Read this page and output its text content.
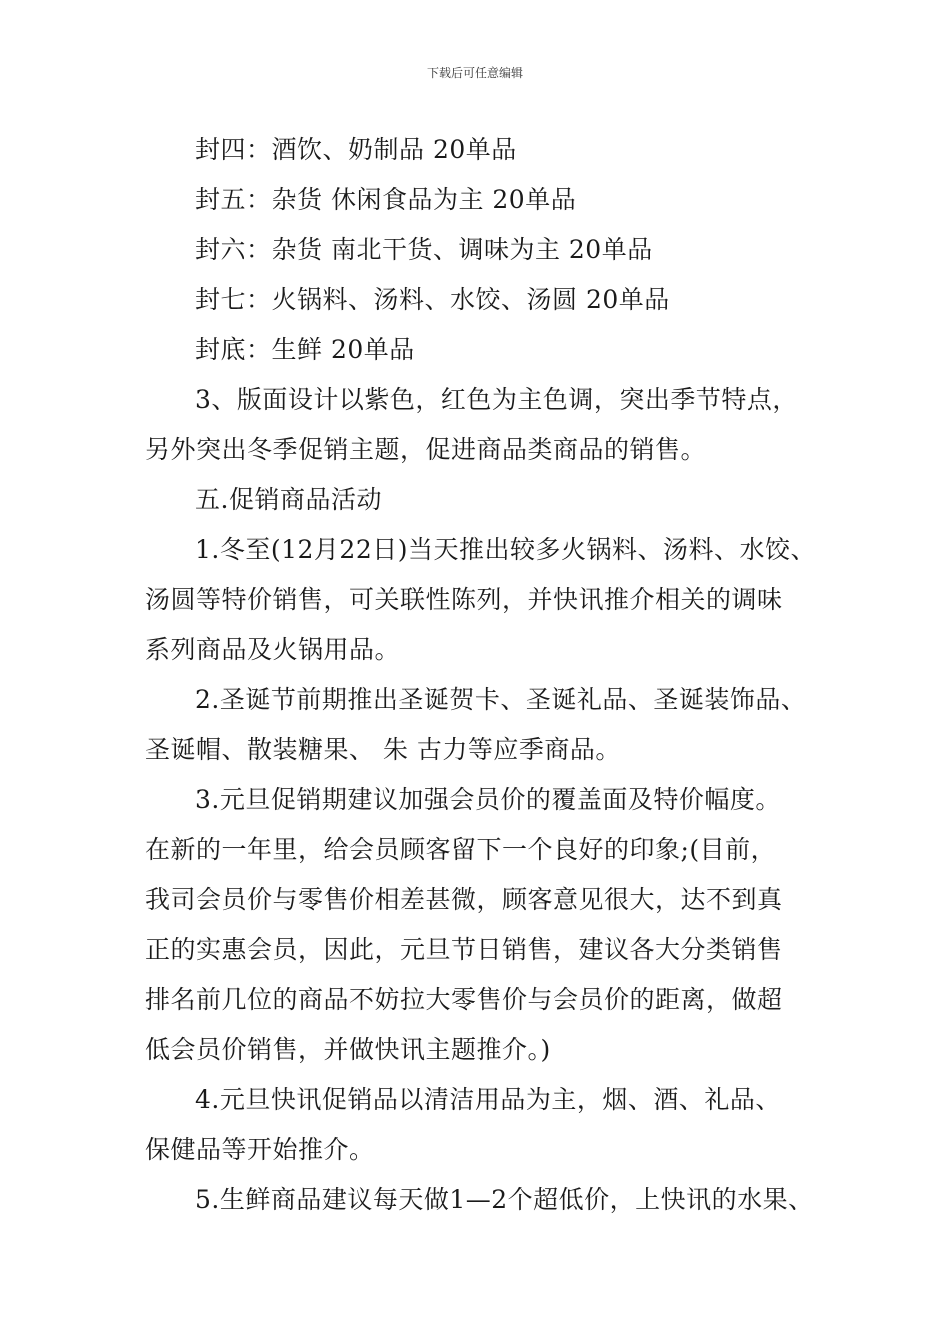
下载后可任意编辑
封四：酒饮、奶制品 20单品
封五：杂货 休闲食品为主 20单品
封六：杂货 南北干货、调味为主 20单品
封七：火锅料、汤料、水饺、汤圆 20单品
封底：生鲜 20单品
3、版面设计以紫色，红色为主色调，突出季节特点，
另外突出冬季促销主题，促进商品类商品的销售。
五.促销商品活动
1.冬至(12月22日)当天推出较多火锅料、汤料、水饺、
汤圆等特价销售，可关联性陈列，并快讯推介相关的调味
系列商品及火锅用品。
2.圣诞节前期推出圣诞贺卡、圣诞礼品、圣诞装饰品、
圣诞帽、散装糖果、 朱 古力等应季商品。
3.元旦促销期建议加强会员价的覆盖面及特价幅度。
在新的一年里，给会员顾客留下一个良好的印象;(目前，
我司会员价与零售价相差甚微，顾客意见很大，达不到真
正的实惠会员，因此，元旦节日销售，建议各大分类销售
排名前几位的商品不妨拉大零售价与会员价的距离，做超
低会员价销售，并做快讯主题推介。)
4.元旦快讯促销品以清洁用品为主，烟、酒、礼品、
保健品等开始推介。
5.生鲜商品建议每天做1—2个超低价，上快讯的水果、
